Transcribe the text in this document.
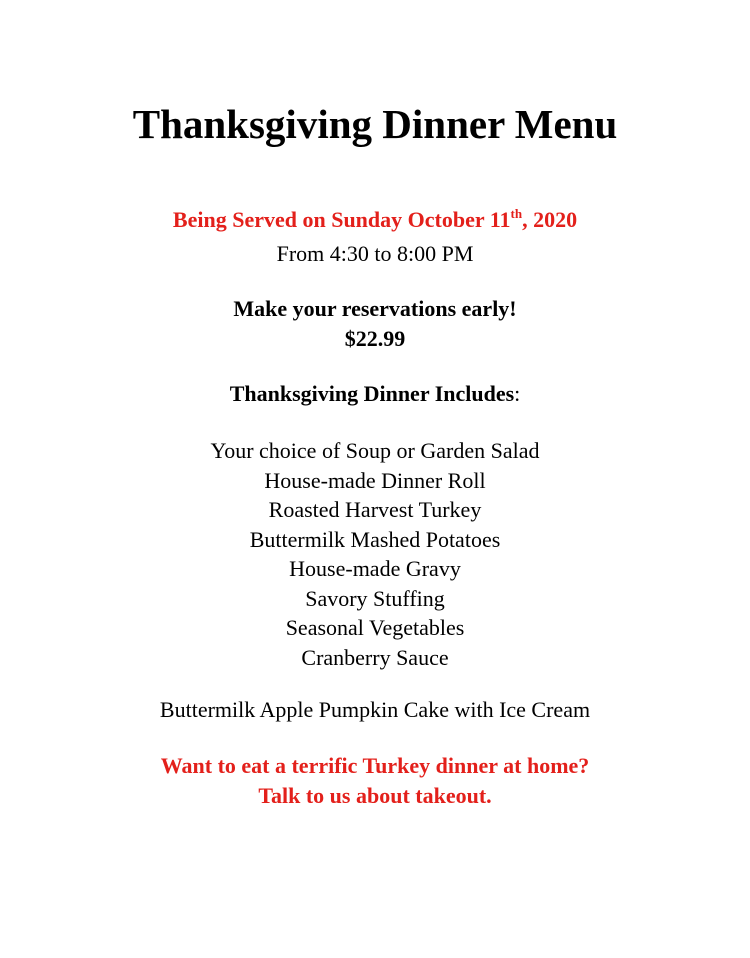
Thanksgiving Dinner Menu
Being Served on Sunday October 11th, 2020
From 4:30 to 8:00 PM
Make your reservations early!
$22.99
Thanksgiving Dinner Includes:
Your choice of Soup or Garden Salad
House-made Dinner Roll
Roasted Harvest Turkey
Buttermilk Mashed Potatoes
House-made Gravy
Savory Stuffing
Seasonal Vegetables
Cranberry Sauce
Buttermilk Apple Pumpkin Cake with Ice Cream
Want to eat a terrific Turkey dinner at home?
Talk to us about takeout.
